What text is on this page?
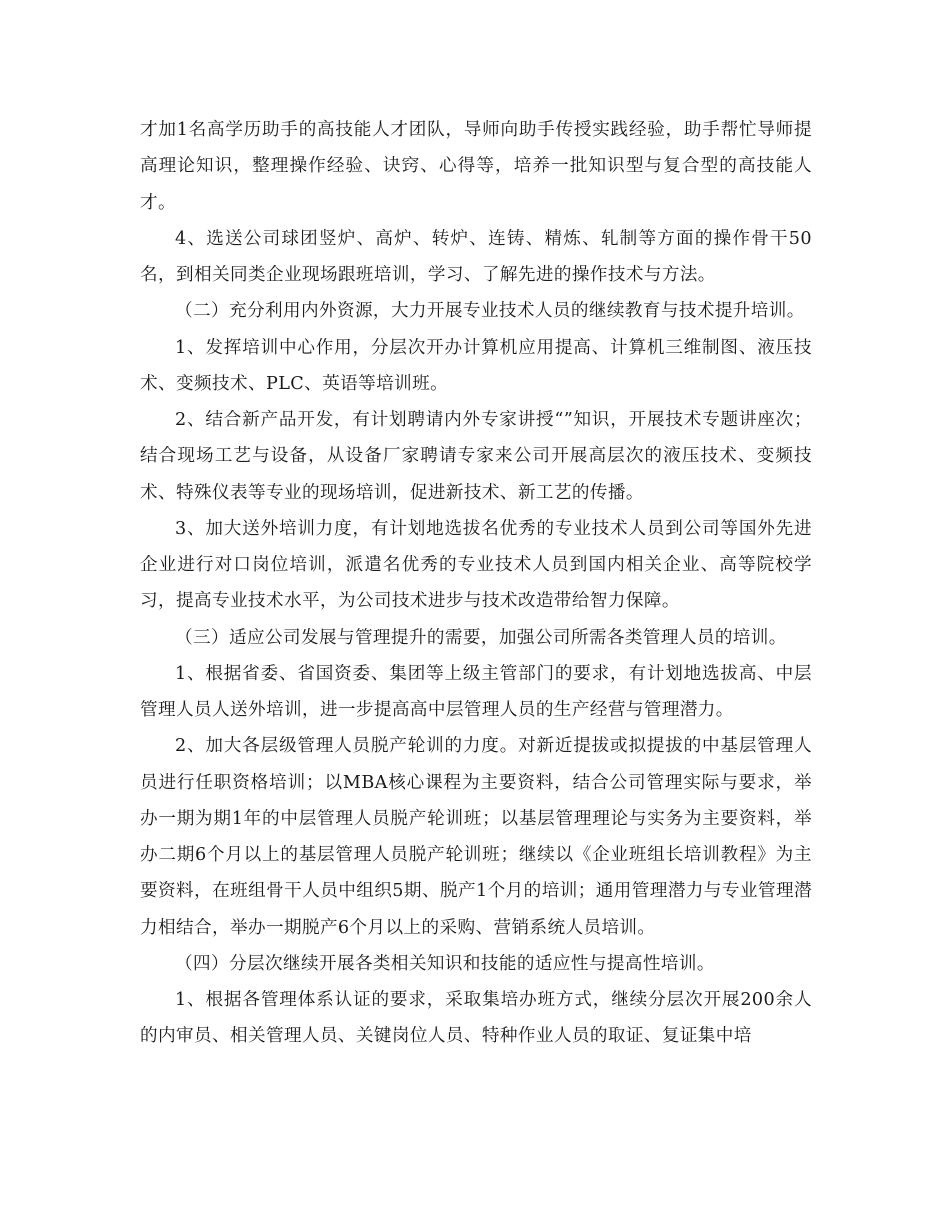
才加1名高学历助手的高技能人才团队，导师向助手传授实践经验，助手帮忙导师提高理论知识，整理操作经验、诀窍、心得等，培养一批知识型与复合型的高技能人才。

4、选送公司球团竖炉、高炉、转炉、连铸、精炼、轧制等方面的操作骨干50名，到相关同类企业现场跟班培训，学习、了解先进的操作技术与方法。

（二）充分利用内外资源，大力开展专业技术人员的继续教育与技术提升培训。

1、发挥培训中心作用，分层次开办计算机应用提高、计算机三维制图、液压技术、变频技术、PLC、英语等培训班。

2、结合新产品开发，有计划聘请内外专家讲授“”知识，开展技术专题讲座次；结合现场工艺与设备，从设备厂家聘请专家来公司开展高层次的液压技术、变频技术、特殊仪表等专业的现场培训，促进新技术、新工艺的传播。

3、加大送外培训力度，有计划地选拔名优秀的专业技术人员到公司等国外先进企业进行对口岗位培训，派遣名优秀的专业技术人员到国内相关企业、高等院校学习，提高专业技术水平，为公司技术进步与技术改造带给智力保障。

（三）适应公司发展与管理提升的需要，加强公司所需各类管理人员的培训。

1、根据省委、省国资委、集团等上级主管部门的要求，有计划地选拔高、中层管理人员人送外培训，进一步提高高中层管理人员的生产经营与管理潜力。

2、加大各层级管理人员脱产轮训的力度。对新近提拔或拟提拔的中基层管理人员进行任职资格培训；以MBA核心课程为主要资料，结合公司管理实际与要求，举办一期为期1年的中层管理人员脱产轮训班；以基层管理理论与实务为主要资料，举办二期6个月以上的基层管理人员脱产轮训班；继续以《企业班组长培训教程》为主要资料，在班组骨干人员中组织5期、脱产1个月的培训；通用管理潜力与专业管理潜力相结合，举办一期脱产6个月以上的采购、营销系统人员培训。

（四）分层次继续开展各类相关知识和技能的适应性与提高性培训。

1、根据各管理体系认证的要求，采取集培办班方式，继续分层次开展200余人的内审员、相关管理人员、关键岗位人员、特种作业人员的取证、复证集中培
